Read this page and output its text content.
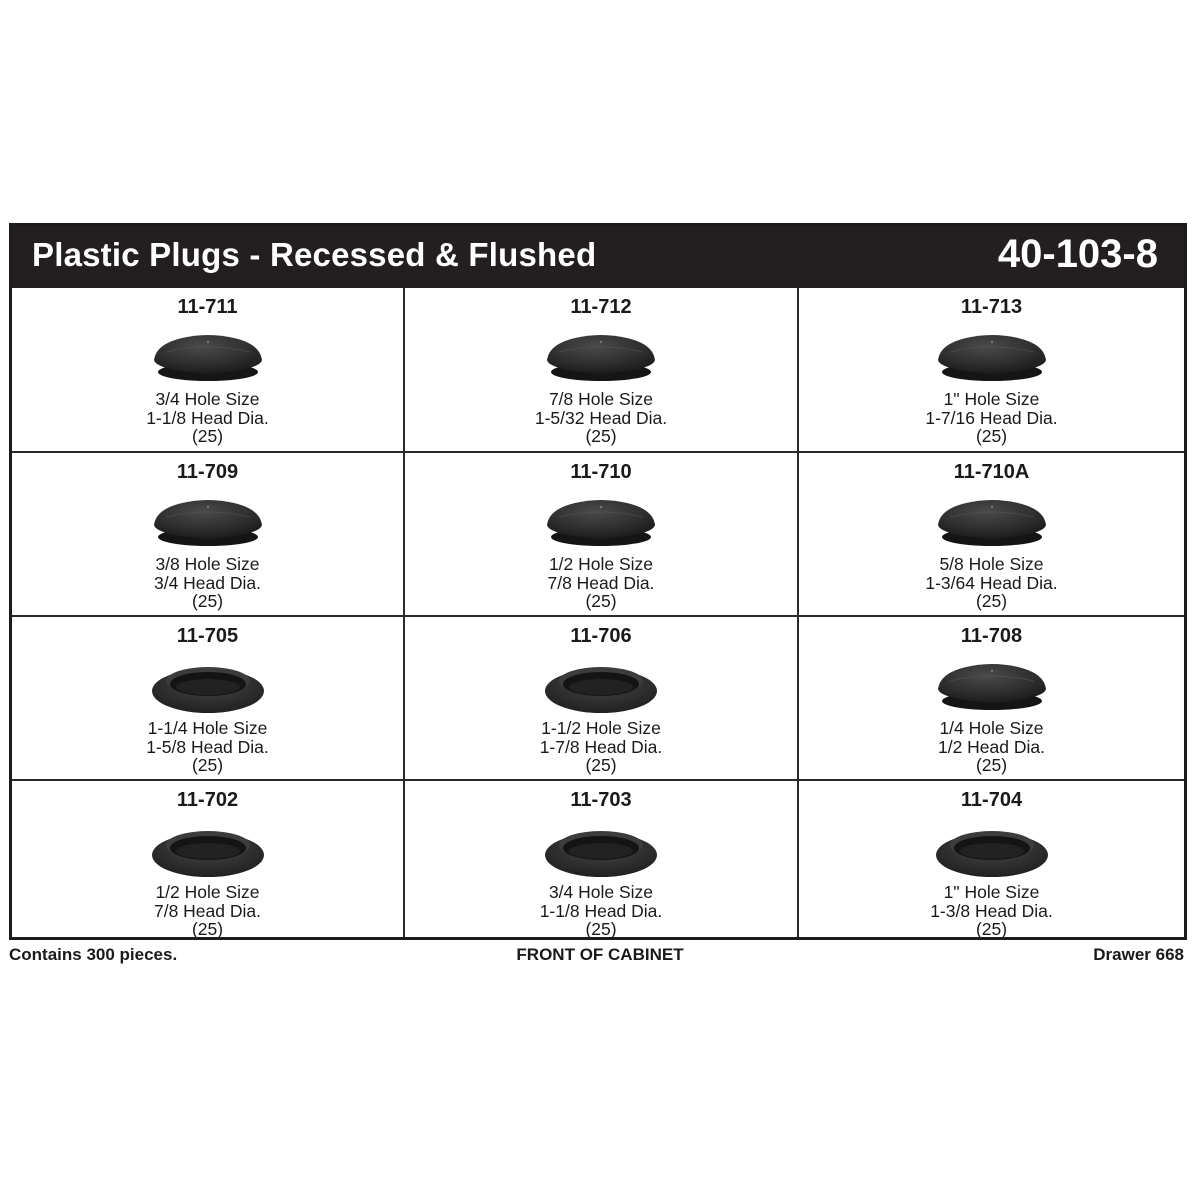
Plastic Plugs - Recessed & Flushed	40-103-8
11-711
3/4 Hole Size
1-1/8 Head Dia.
(25)
11-712
7/8 Hole Size
1-5/32 Head Dia.
(25)
11-713
1" Hole Size
1-7/16 Head Dia.
(25)
11-709
3/8 Hole Size
3/4 Head Dia.
(25)
11-710
1/2 Hole Size
7/8 Head Dia.
(25)
11-710A
5/8 Hole Size
1-3/64 Head Dia.
(25)
11-705
1-1/4 Hole Size
1-5/8 Head Dia.
(25)
11-706
1-1/2 Hole Size
1-7/8 Head Dia.
(25)
11-708
1/4 Hole Size
1/2 Head Dia.
(25)
11-702
1/2 Hole Size
7/8 Head Dia.
(25)
11-703
3/4 Hole Size
1-1/8 Head Dia.
(25)
11-704
1" Hole Size
1-3/8 Head Dia.
(25)
Contains 300 pieces.	FRONT OF CABINET	Drawer 668
